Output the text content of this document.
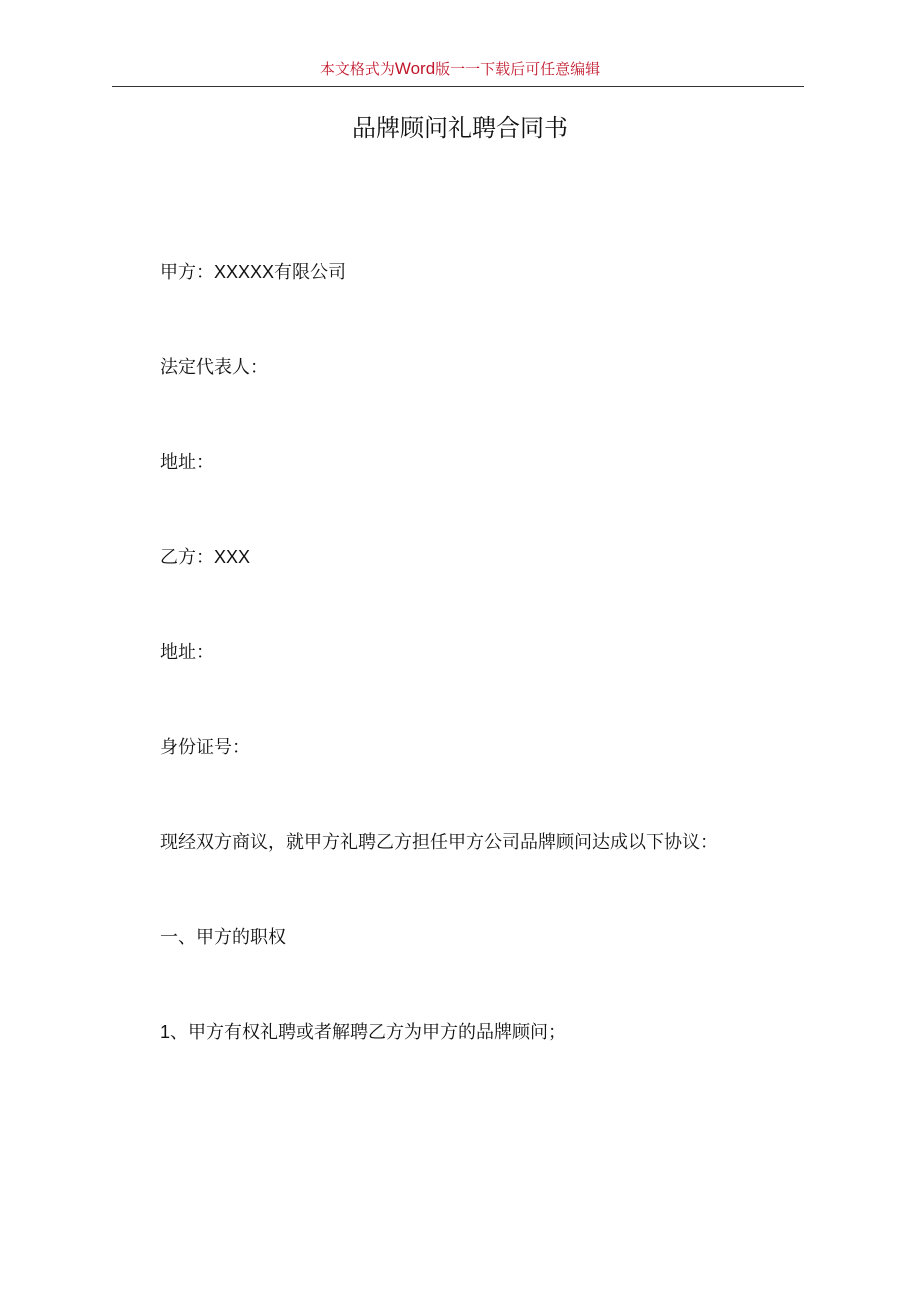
本文格式为Word版一一下载后可任意编辑
品牌顾问礼聘合同书
甲方：XXXXX有限公司
法定代表人：
地址：
乙方：XXX
地址：
身份证号：
现经双方商议，就甲方礼聘乙方担任甲方公司品牌顾问达成以下协议：
一、甲方的职权
1、甲方有权礼聘或者解聘乙方为甲方的品牌顾问；
